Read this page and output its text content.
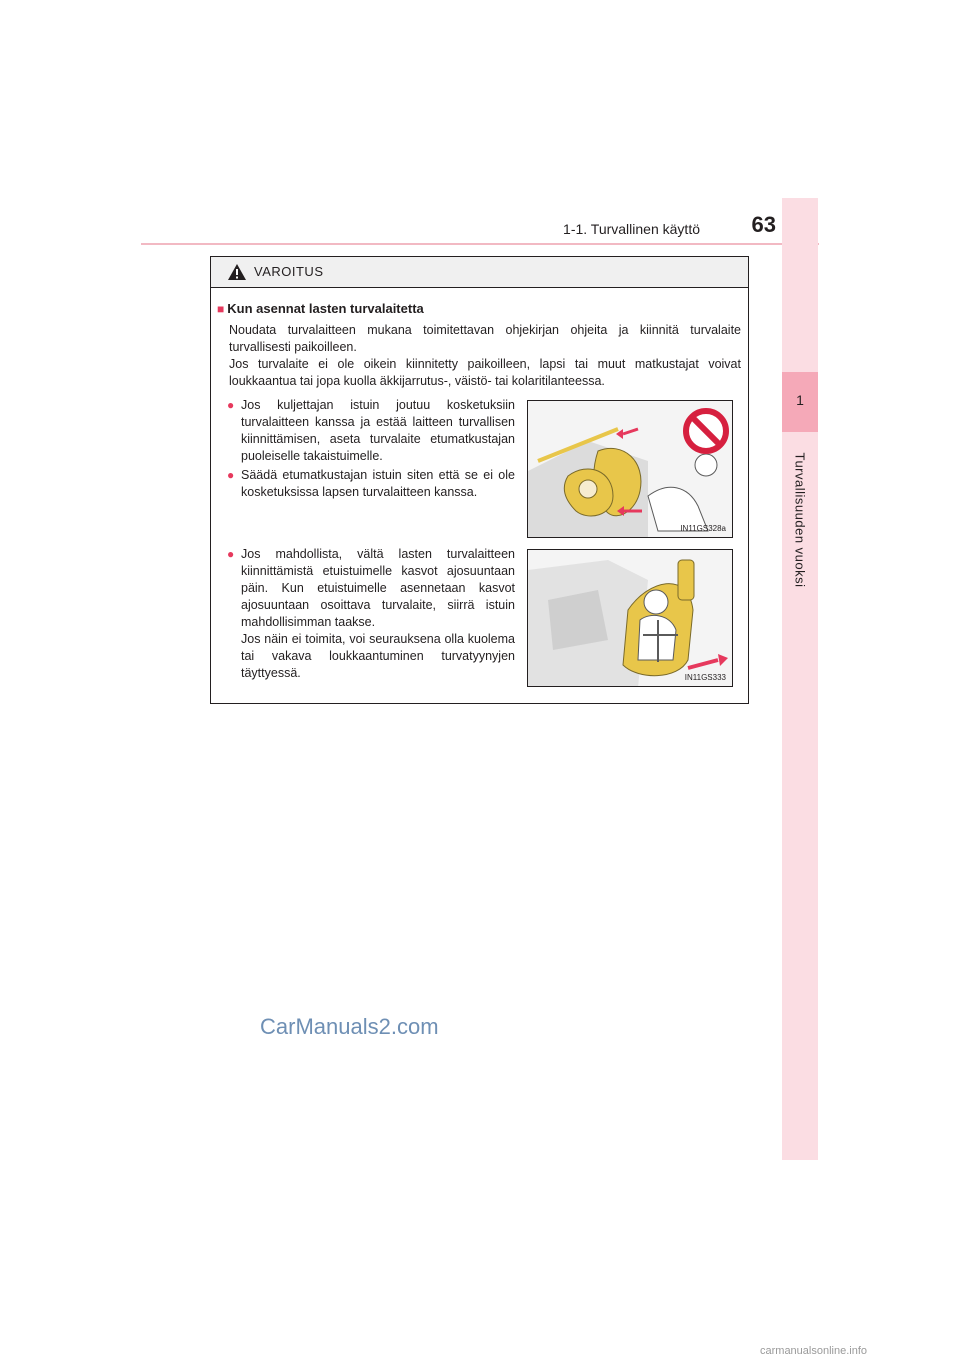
1-1. Turvallinen käyttö	63
1
Turvallisuuden vuoksi
VAROITUS

■ Kun asennat lasten turvalaitetta

Noudata turvalaitteen mukana toimitettavan ohjekirjan ohjeita ja kiinnitä turvalaite turvallisesti paikoilleen.

Jos turvalaite ei ole oikein kiinnitetty paikoilleen, lapsi tai muut matkustajat voivat loukkaantua tai jopa kuolla äkkijarrutus-, väistö- tai kolaritilanteessa.

● Jos kuljettajan istuin joutuu kosketuksiin turvalaitteen kanssa ja estää laitteen turvallisen kiinnittämisen, aseta turvalaite etumatkustajan puoleiselle takaistuimelle.
● Säädä etumatkustajan istuin siten että se ei ole kosketuksissa lapsen turvalaitteen kanssa.
● Jos mahdollista, vältä lasten turvalaitteen kiinnittämistä etuistuimelle kasvot ajosuuntaan päin. Kun etuistuimelle asennetaan kasvot ajosuuntaan osoittava turvalaite, siirrä istuin mahdollisimman taakse.
Jos näin ei toimita, voi seurauksena olla kuolema tai vakava loukkaantuminen turvatyynyjen täyttyessä.
IN11GS328a
IN11GS333
CarManuals2.com
carmanualsonline.info
